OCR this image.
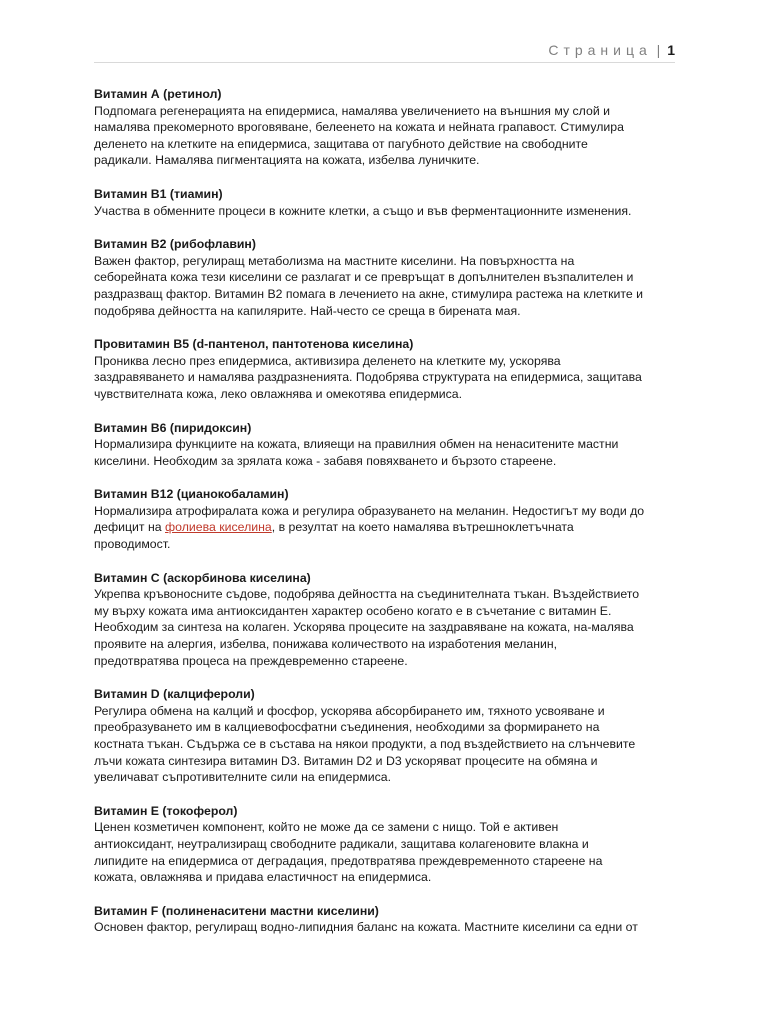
Страница | 1
Витамин А (ретинол)
Подпомага регенерацията на епидермиса, намалява увеличението на външния му слой и
намалява прекомерното вроговяване, белеенето на кожата и нейната грапавост. Стимулира
деленето на клетките на епидермиса, защитава от пагубното действие на свободните
радикали. Намалява пигментацията на кожата, избелва луничките.
Витамин В1 (тиамин)
Участва в обменните процеси в кожните клетки, а също и във ферментационните изменения.
Витамин В2 (рибофлавин)
Важен фактор, регулиращ метаболизма на мастните киселини. На повърхността на
себорейната кожа тези киселини се разлагат и се превръщат в допълнителен възпалителен и
раздразващ фактор. Витамин В2 помага в лечението на акне, стимулира растежа на клетките и
подобрява дейността на капилярите. Най-често се среща в бирената мая.
Провитамин В5 (d-пантенол, пантотенова киселина)
Прониква лесно през епидермиса, активизира деленето на клетките му, ускорява
заздравяването и намалява раздразненията. Подобрява структурата на епидермиса, защитава
чувствителната кожа, леко овлажнява и омекотява епидермиса.
Витамин В6 (пиридоксин)
Нормализира функциите на кожата, влияещи на правилния обмен на ненаситените мастни
киселини. Необходим за зрялата кожа - забавя повяхването и бързото стареене.
Витамин В12 (цианокобаламин)
Нормализира атрофиралата кожа и регулира образуването на меланин. Недостигът му води до
дефицит на фолиева киселина, в резултат на което намалява вътрешноклетъчната
проводимост.
Витамин С (аскорбинова киселина)
Укрепва кръвоносните съдове, подобрява дейността на съединителната тъкан. Въздействието
му върху кожата има антиоксидантен характер особено когато е в съчетание с витамин Е.
Необходим за синтеза на колаген. Ускорява процесите на заздравяване на кожата, на-малява
проявите на алергия, избелва, понижава количеството на изработения меланин,
предотвратява процеса на преждевременно стареене.
Витамин D (калцифероли)
Регулира обмена на калций и фосфор, ускорява абсорбирането им, тяхното усвояване и
преобразуването им в калциевофосфатни съединения, необходими за формирането на
костната тъкан. Съдържа се в състава на някои продукти, а под въздействието на слънчевите
лъчи кожата синтезира витамин D3. Витамин D2 и D3 ускоряват процесите на обмяна и
увеличават съпротивителните сили на епидермиса.
Витамин Е (токоферол)
Ценен козметичен компонент, който не може да се замени с нищо. Той е активен
антиоксидант, неутрализиращ свободните радикали, защитава колагеновите влакна и
липидите на епидермиса от деградация, предотвратява преждевременното стареене на
кожата, овлажнява и придава еластичност на епидермиса.
Витамин F (полиненаситени мастни киселини)
Основен фактор, регулиращ водно-липидния баланс на кожата. Мастните киселини са едни от
